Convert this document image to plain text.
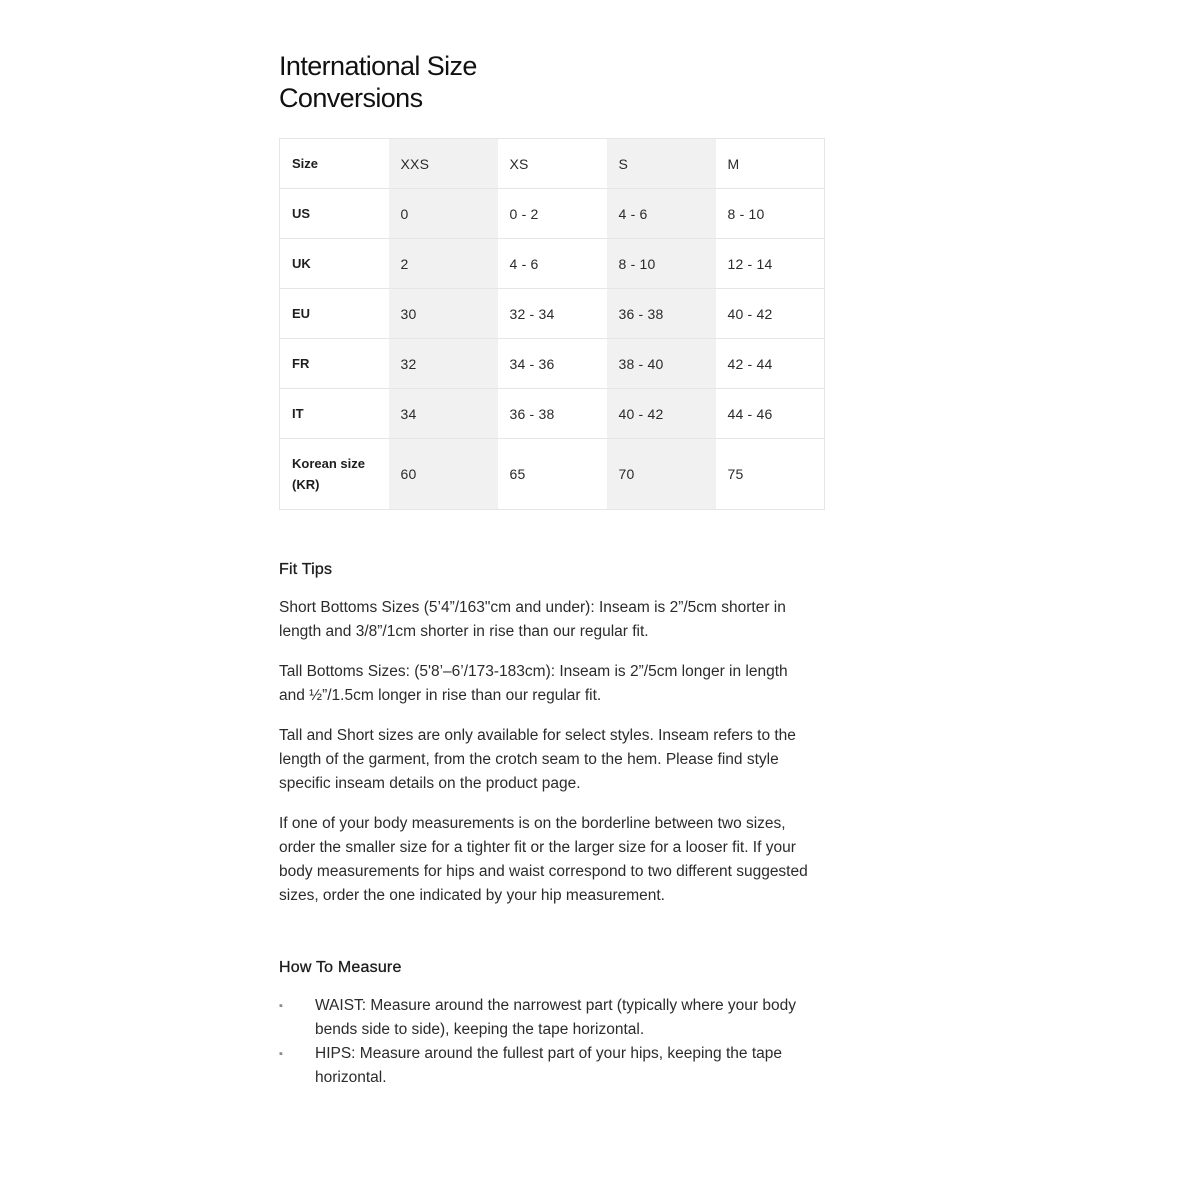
International Size Conversions
Size	XXS	XS	S	M
US	0	0 - 2	4 - 6	8 - 10
UK	2	4 - 6	8 - 10	12 - 14
EU	30	32 - 34	36 - 38	40 - 42
FR	32	34 - 36	38 - 40	42 - 44
IT	34	36 - 38	40 - 42	44 - 46
Korean size (KR)	60	65	70	75
Fit Tips

Short Bottoms Sizes (5’4”/163"cm and under): Inseam is 2”/5cm shorter in length and 3/8”/1cm shorter in rise than our regular fit.

Tall Bottoms Sizes: (5'8’–6’/173-183cm): Inseam is 2”/5cm longer in length and ½”/1.5cm longer in rise than our regular fit.

Tall and Short sizes are only available for select styles. Inseam refers to the length of the garment, from the crotch seam to the hem. Please find style specific inseam details on the product page.

If one of your body measurements is on the borderline between two sizes, order the smaller size for a tighter fit or the larger size for a looser fit. If your body measurements for hips and waist correspond to two different suggested sizes, order the one indicated by your hip measurement.

How To Measure
▪	WAIST: Measure around the narrowest part (typically where your body bends side to side), keeping the tape horizontal.
▪	HIPS: Measure around the fullest part of your hips, keeping the tape horizontal.
